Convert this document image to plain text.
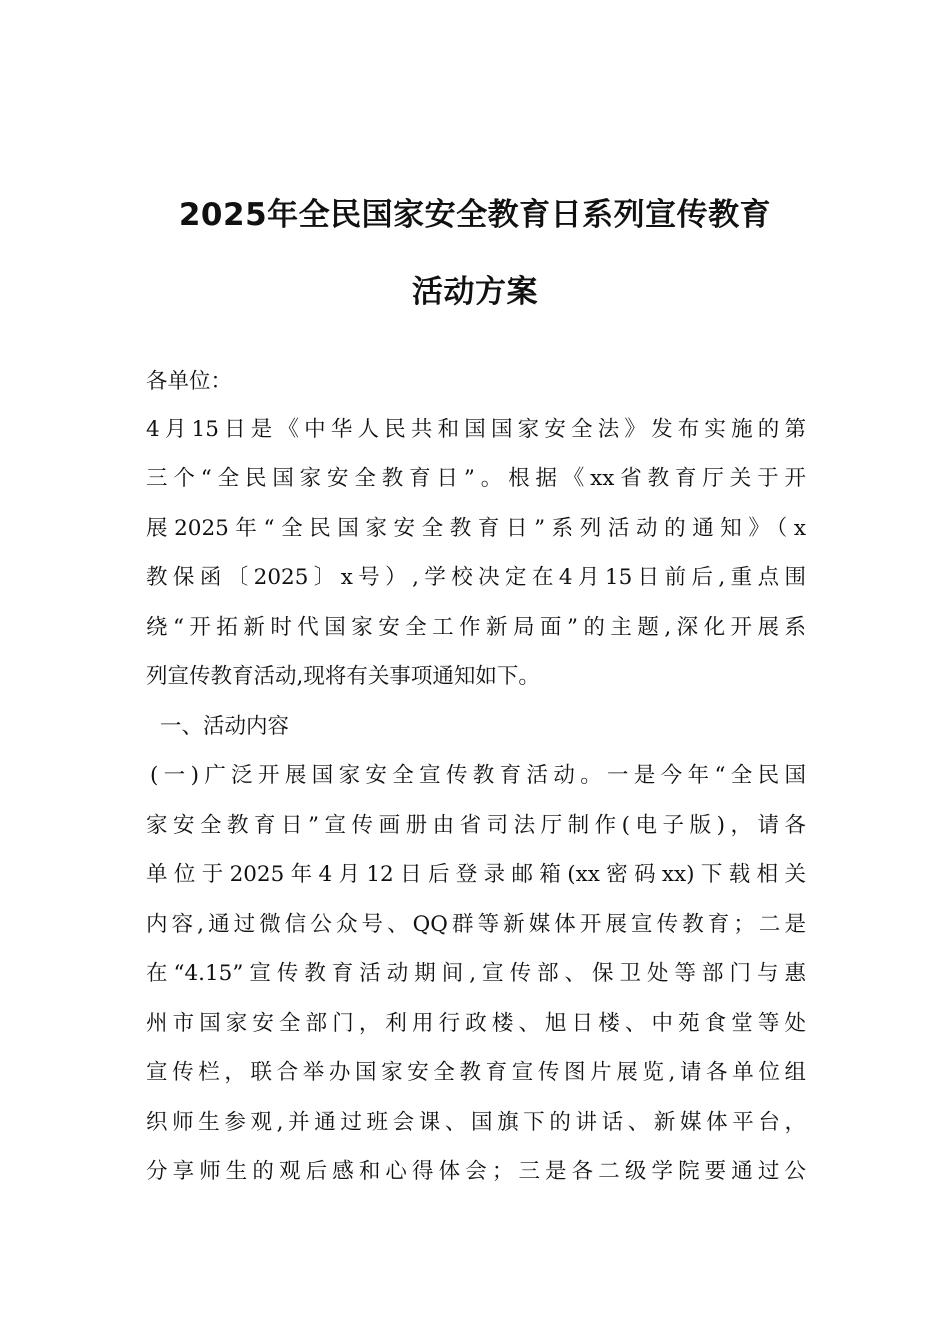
2025年全民国家安全教育日系列宣传教育
活动方案

各单位：

4月15日是《中华人民共和国国家安全法》发布实施的第

三个“全民国家安全教育日”。根据《xx省教育厅关于开

展2025年“全民国家安全教育日”系列活动的通知》（x

教保函〔2025〕x号）,学校决定在4月15日前后,重点围

绕“开拓新时代国家安全工作新局面”的主题,深化开展系

列宣传教育活动,现将有关事项通知如下。

一、活动内容

(一)广泛开展国家安全宣传教育活动。一是今年“全民国

家安全教育日”宣传画册由省司法厅制作(电子版)，请各

单位于2025年4月12日后登录邮箱(xx密码xx)下载相关

内容,通过微信公众号、QQ群等新媒体开展宣传教育；二是

在“4.15”宣传教育活动期间,宣传部、保卫处等部门与惠

州市国家安全部门，利用行政楼、旭日楼、中苑食堂等处

宣传栏，联合举办国家安全教育宣传图片展览,请各单位组

织师生参观,并通过班会课、国旗下的讲话、新媒体平台，

分享师生的观后感和心得体会；三是各二级学院要通过公
